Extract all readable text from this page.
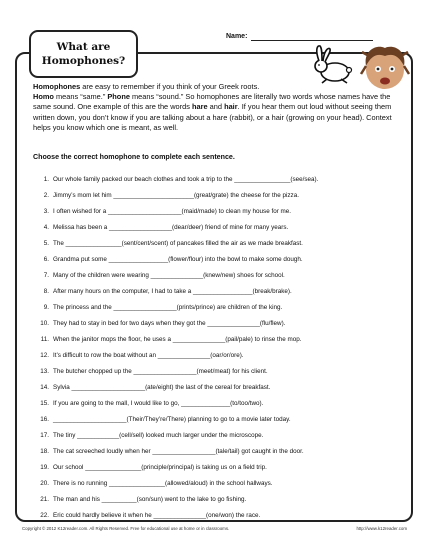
What are
Homophones?
Name:
Homophones are easy to remember if you think of your Greek roots.
Homo means “same.” Phone means “sound.” So homophones are literally two words whose names have the same sound. One example of this are the words hare and hair. If you hear them out loud without seeing them written down, you don’t know if you are talking about a hare (rabbit), or a hair (growing on your head). Context helps you know which one is meant, as well.
Choose the correct homophone to complete each sentence.
1. Our whole family packed our beach clothes and took a trip to the ________________(see/sea).
2. Jimmy’s mom let him _______________________(great/grate) the cheese for the pizza.
3. I often wished for a _____________________(maid/made) to clean my house for me.
4. Melissa has been a __________________(dear/deer) friend of mine for many years.
5. The ________________(sent/cent/scent) of pancakes filled the air as we made breakfast.
6. Grandma put some _________________(flower/flour) into the bowl to make some dough.
7. Many of the children were wearing _______________(knew/new) shoes for school.
8. After many hours on the computer, I had to take a _________________(break/brake).
9. The princess and the __________________(prints/prince) are children of the king.
10. They had to stay in bed for two days when they got the _______________(flu/flew).
11. When the janitor mops the floor, he uses a _______________(pail/pale) to rinse the mop.
12. It’s difficult to row the boat without an _______________(oar/or/ore).
13. The butcher chopped up the __________________(meet/meat) for his client.
14. Sylvia _____________________(ate/eight) the last of the cereal for breakfast.
15. If you are going to the mall, I would like to go, ______________(to/too/two).
16. _____________________(Their/They’re/There) planning to go to a movie later today.
17. The tiny ____________(cell/sell) looked much larger under the microscope.
18. The cat screeched loudly when her __________________(tale/tail) got caught in the door.
19. Our school ________________(principle/principal) is taking us on a field trip.
20. There is no running ________________(allowed/aloud) in the school hallways.
21. The man and his __________(son/sun) went to the lake to go fishing.
22. Eric could hardly believe it when he _______________(one/won) the race.
Copyright © 2012 K12reader.com. All Rights Reserved. Free for educational use at home or in classrooms.	http://www.k12reader.com
